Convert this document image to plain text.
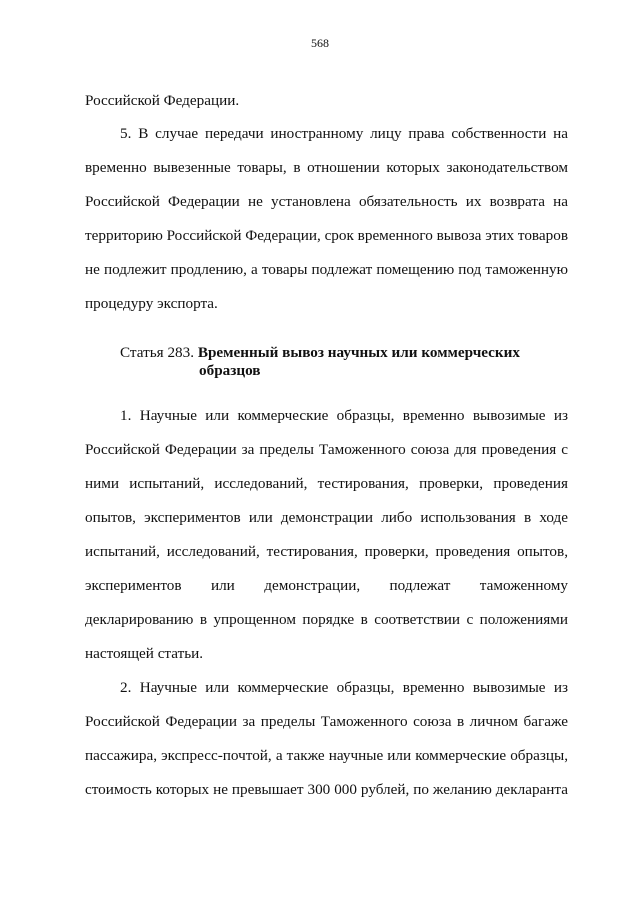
568
Российской Федерации.
5. В случае передачи иностранному лицу права собственности на
временно вывезенные товары, в отношении которых законодательством
Российской Федерации не установлена обязательность их возврата на
территорию Российской Федерации, срок временного вывоза этих товаров
не подлежит продлению, а товары подлежат помещению под таможенную
процедуру экспорта.
1. Научные или коммерческие образцы, временно вывозимые из
Российской Федерации за пределы Таможенного союза для проведения с
ними испытаний, исследований, тестирования, проверки, проведения
опытов, экспериментов или демонстрации либо использования в ходе
испытаний, исследований, тестирования, проверки, проведения опытов,
экспериментов или демонстрации, подлежат таможенному
декларированию в упрощенном порядке в соответствии с положениями
настоящей статьи.
2. Научные или коммерческие образцы, временно вывозимые из
Российской Федерации за пределы Таможенного союза в личном багаже
пассажира, экспресс-почтой, а также научные или коммерческие образцы,
стоимость которых не превышает 300 000 рублей, по желанию декларанта
Статья 283. Временный вывоз научных или коммерческих
образцов
